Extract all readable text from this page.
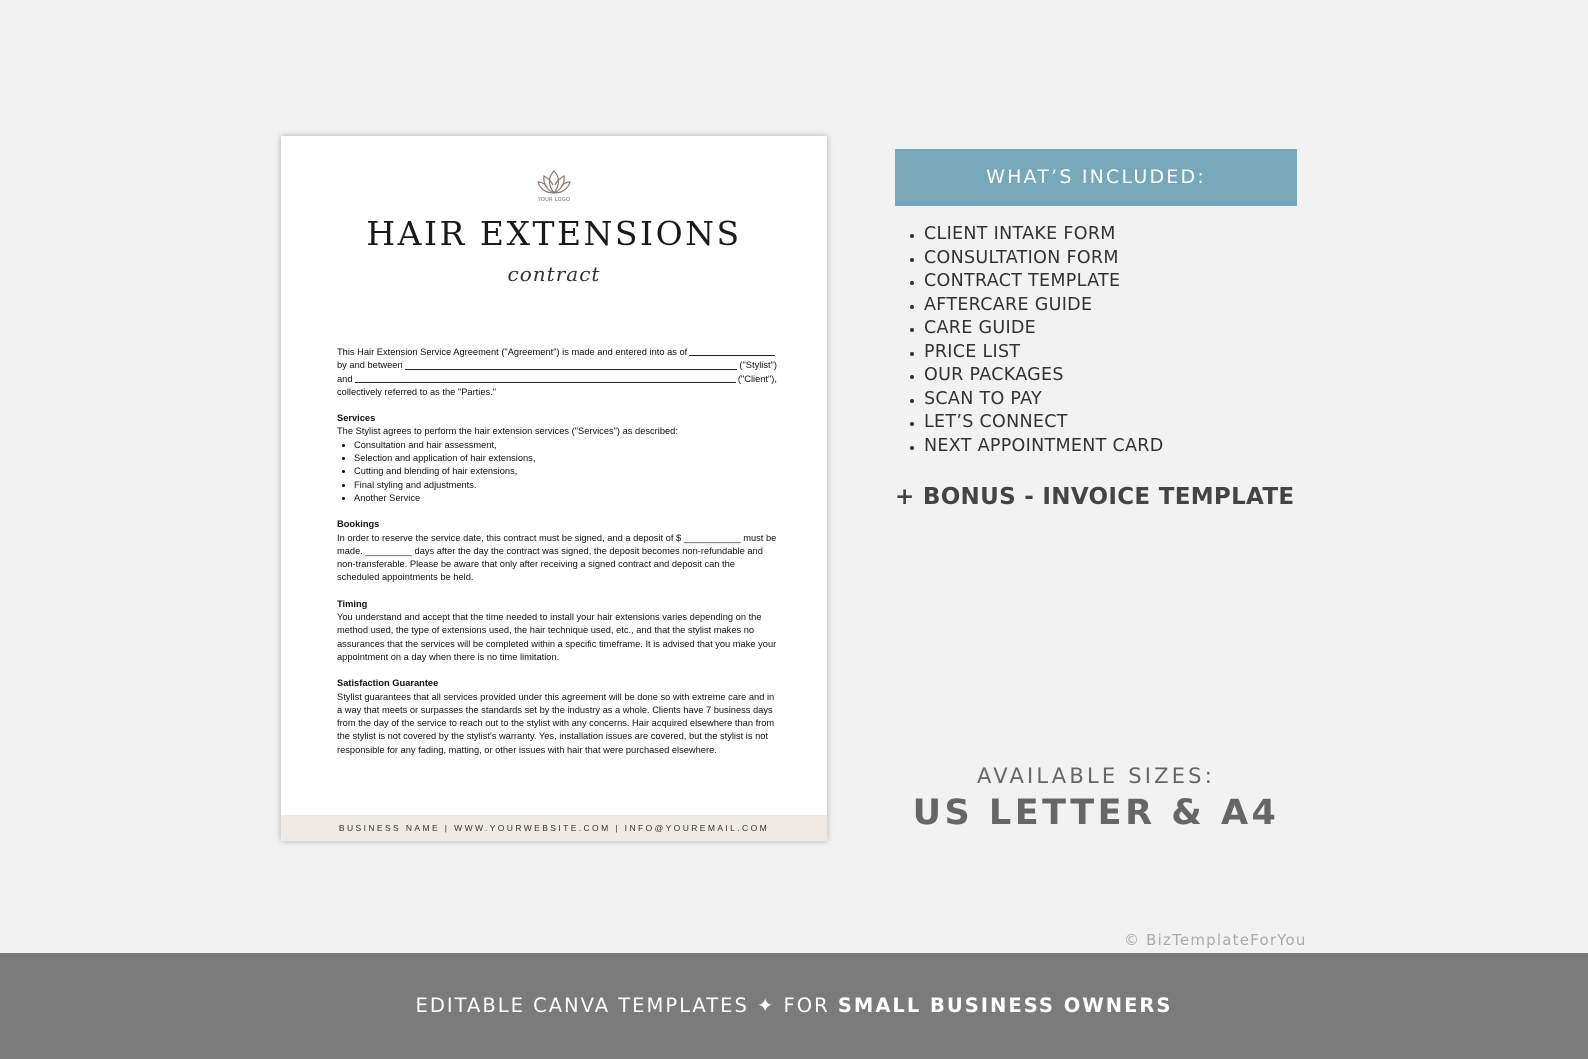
YOUR LOGO
HAIR EXTENSIONS
contract
This Hair Extension Service Agreement ("Agreement") is made and entered into as of
by and between	("Stylist")
and	("Client"),

collectively referred to as the "Parties."

Services

The Stylist agrees to perform the hair extension services ("Services") as described:

• Consultation and hair assessment,
• Selection and application of hair extensions,
• Cutting and blending of hair extensions,
• Final styling and adjustments.
• Another Service
Bookings

In order to reserve the service date, this contract must be signed, and a deposit of $ ___________ must be made. _________ days after the day the contract was signed, the deposit becomes non-refundable and non-transferable. Please be aware that only after receiving a signed contract and deposit can the scheduled appointments be held.

Timing

You understand and accept that the time needed to install your hair extensions varies depending on the method used, the type of extensions used, the hair technique used, etc., and that the stylist makes no assurances that the services will be completed within a specific timeframe. It is advised that you make your appointment on a day when there is no time limitation.

Satisfaction Guarantee

Stylist guarantees that all services provided under this agreement will be done so with extreme care and in a way that meets or surpasses the standards set by the industry as a whole. Clients have 7 business days from the day of the service to reach out to the stylist with any concerns. Hair acquired elsewhere than from the stylist is not covered by the stylist's warranty. Yes, installation issues are covered, but the stylist is not responsible for any fading, matting, or other issues with hair that were purchased elsewhere.

BUSINESS NAME | WWW.YOURWEBSITE.COM | INFO@YOUREMAIL.COM
WHAT’S INCLUDED:
• CLIENT INTAKE FORM
• CONSULTATION FORM
• CONTRACT TEMPLATE
• AFTERCARE GUIDE
• CARE GUIDE
• PRICE LIST
• OUR PACKAGES
• SCAN TO PAY
• LET’S CONNECT
• NEXT APPOINTMENT CARD
+ BONUS - INVOICE TEMPLATE
AVAILABLE SIZES:
US LETTER & A4
© BizTemplateForYou
EDITABLE CANVA TEMPLATES ✦ FOR SMALL BUSINESS OWNERS
